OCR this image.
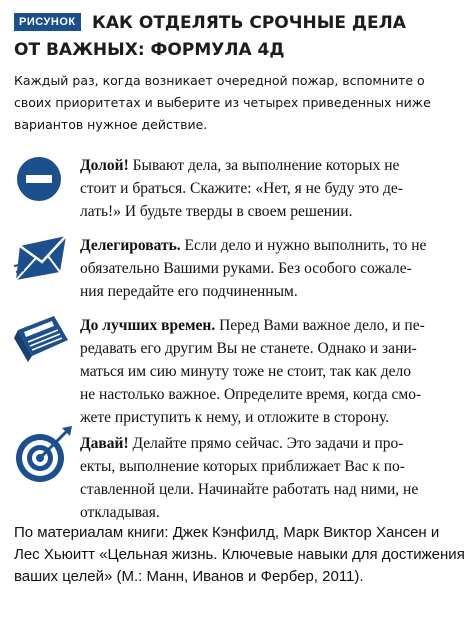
КАК ОТДЕЛЯТЬ СРОЧНЫЕ ДЕЛА
ОТ ВАЖНЫХ: ФОРМУЛА 4Д
РИСУНОК
Каждый раз, когда возникает очередной пожар, вспомните о своих приоритетах и выберите из четырех приведенных ниже вариантов нужное действие.
Долой! Бывают дела, за выполнение которых не
стоит и браться. Скажите: «Нет, я не буду это де-
лать!» И будьте тверды в своем решении.
Делегировать. Если дело и нужно выполнить, то не
обязательно Вашими руками. Без особого сожале-
ния передайте его подчиненным.
До лучших времен. Перед Вами важное дело, и пе-
редавать его другим Вы не станете. Однако и зани-
маться им сию минуту тоже не стоит, так как дело
не настолько важное. Определите время, когда смо-
жете приступить к нему, и отложите в сторону.
Давай! Делайте прямо сейчас. Это задачи и про-
екты, выполнение которых приближает Вас к по-
ставленной цели. Начинайте работать над ними, не
откладывая.
По материалам книги: Джек Кэнфилд, Марк Виктор Хансен и Лес Хьюитт «Цельная жизнь. Ключевые навыки для достижения ваших целей» (М.: Манн, Иванов и Фербер, 2011).
